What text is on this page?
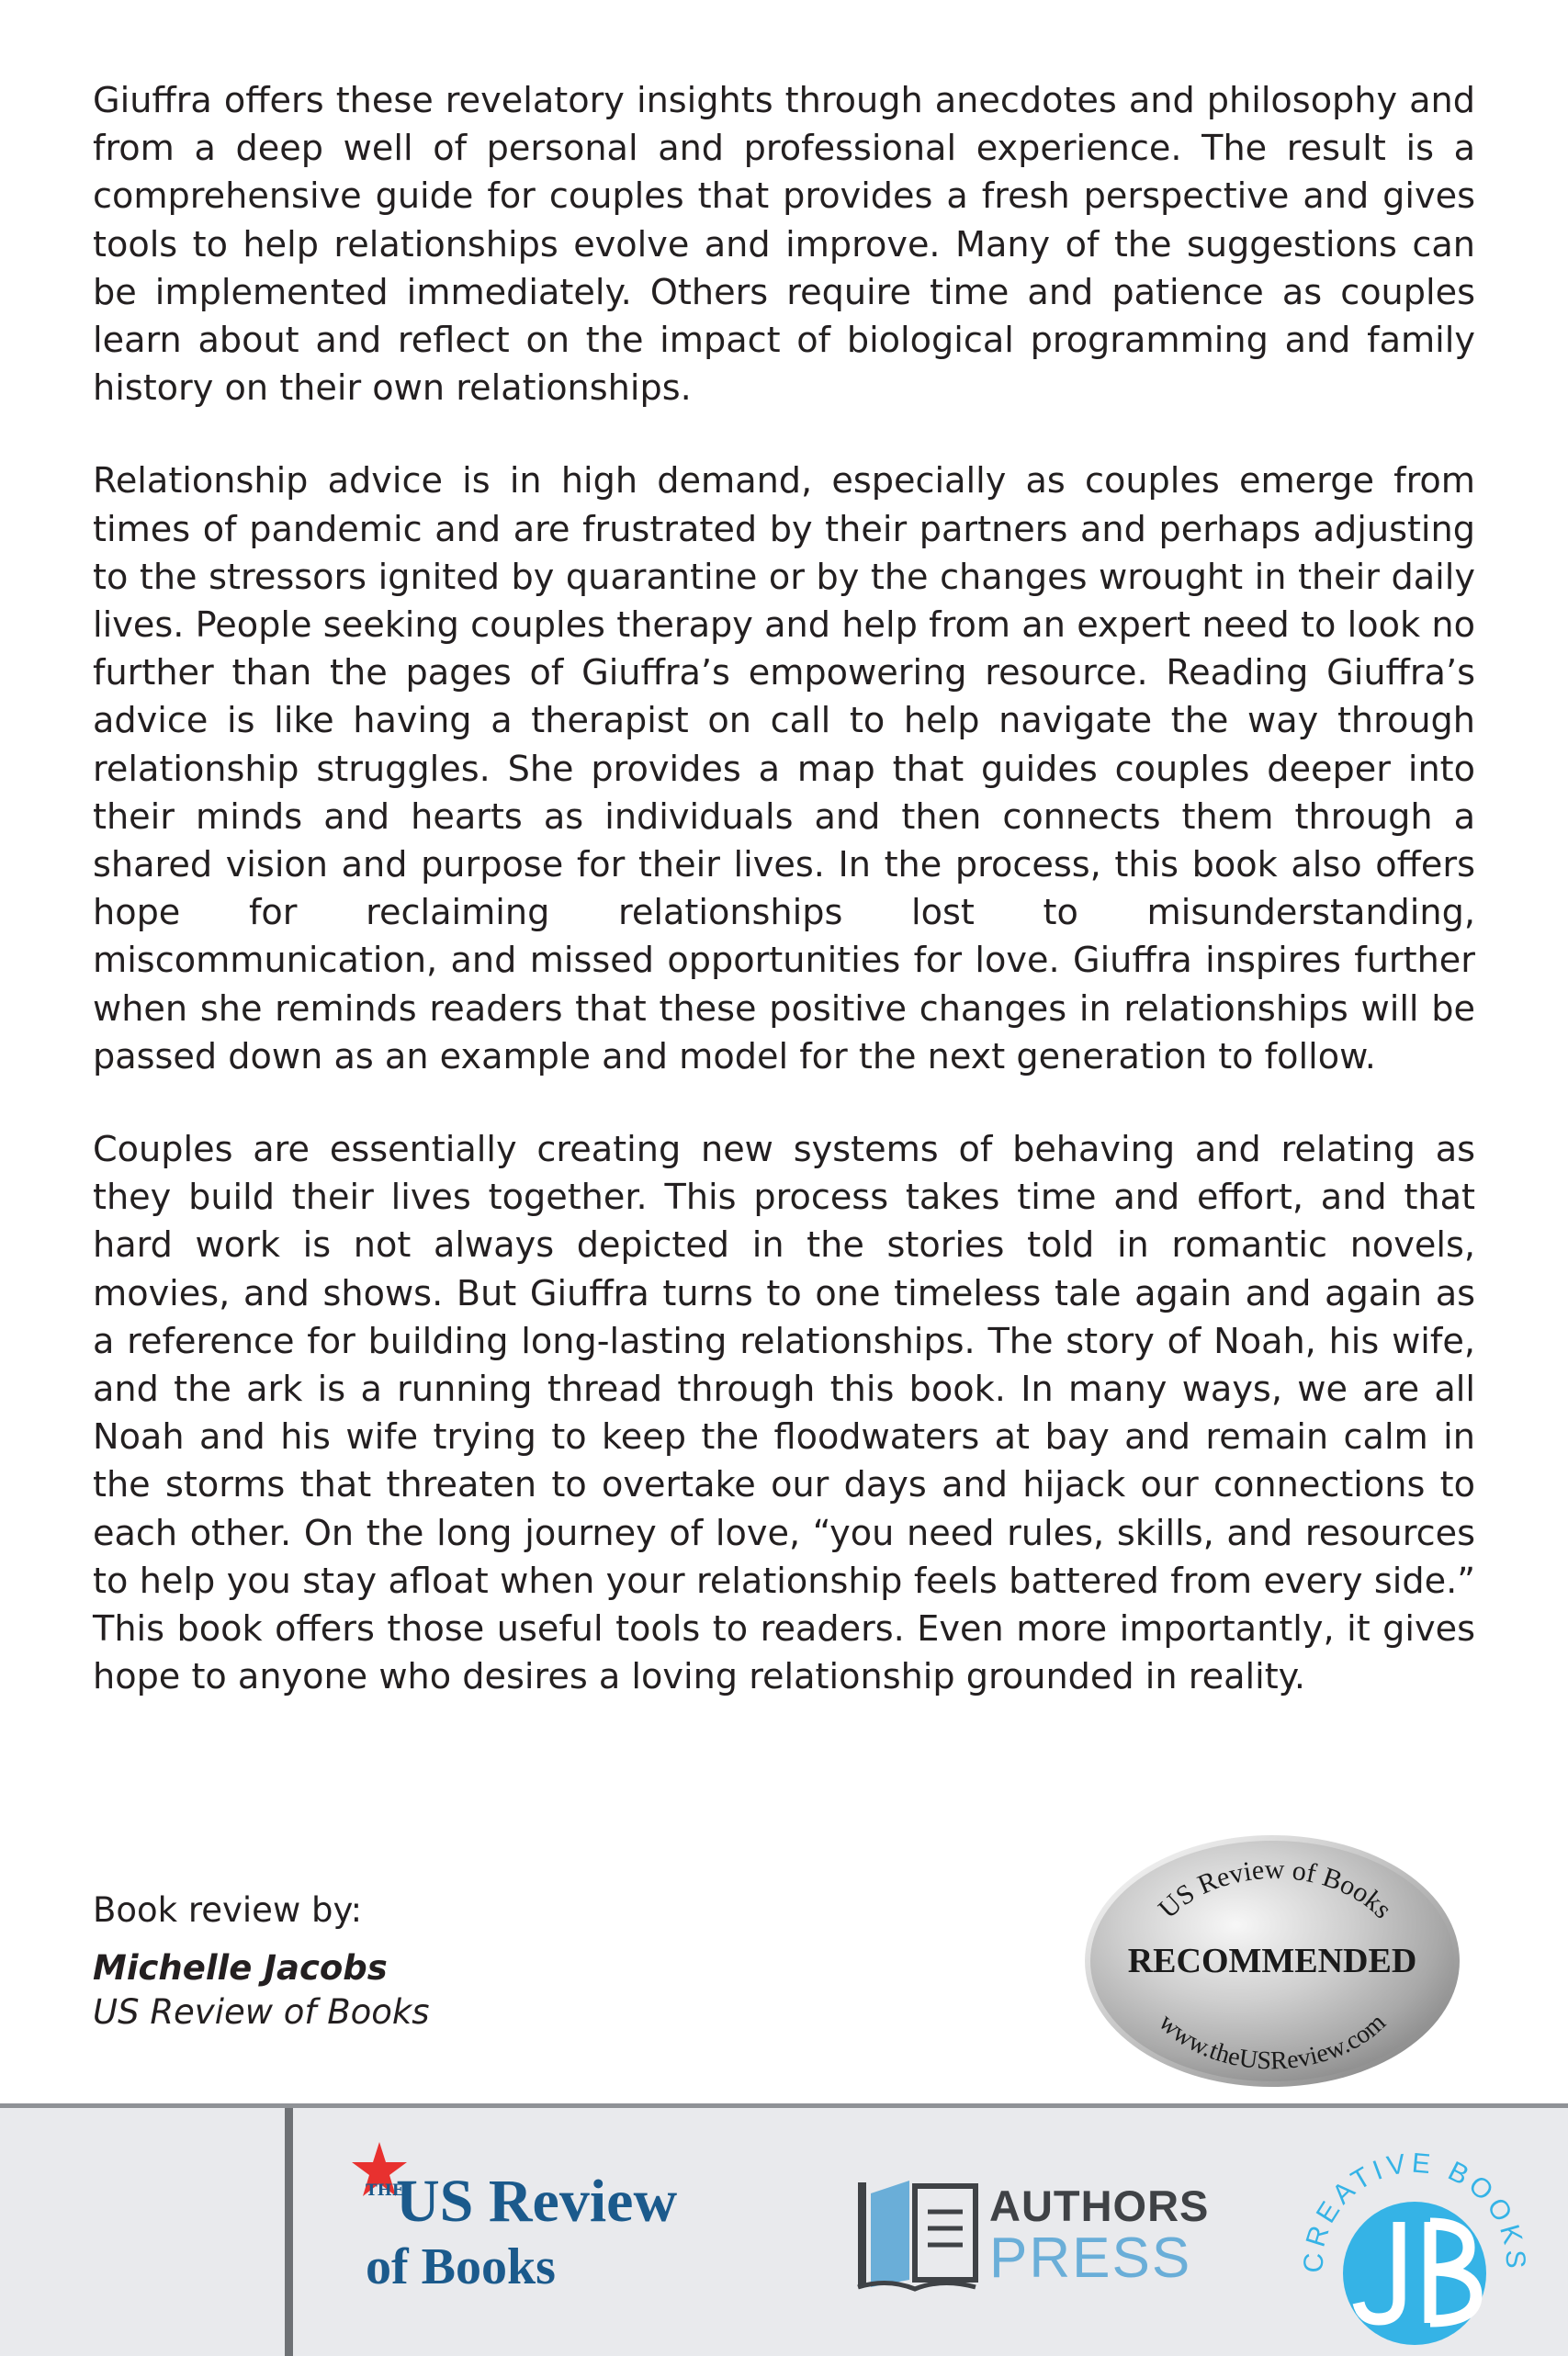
Giuffra offers these revelatory insights through anecdotes and philosophy and from a deep well of personal and professional experience. The result is a comprehensive guide for couples that provides a fresh perspective and gives tools to help relationships evolve and improve. Many of the suggestions can be implemented immediately. Others require time and patience as couples learn about and reflect on the impact of biological programming and family history on their own relationships.

Relationship advice is in high demand, especially as couples emerge from times of pandemic and are frustrated by their partners and perhaps adjusting to the stressors ignited by quarantine or by the changes wrought in their daily lives. People seeking couples therapy and help from an expert need to look no further than the pages of Giuffra’s empowering resource. Reading Giuffra’s advice is like having a therapist on call to help navigate the way through relationship struggles. She provides a map that guides couples deeper into their minds and hearts as individuals and then connects them through a shared vision and purpose for their lives. In the process, this book also offers hope for reclaiming relationships lost to misunderstanding, miscommunication, and missed opportunities for love. Giuffra inspires further when she reminds readers that these positive changes in relationships will be passed down as an example and model for the next generation to follow.

Couples are essentially creating new systems of behaving and relating as they build their lives together. This process takes time and effort, and that hard work is not always depicted in the stories told in romantic novels, movies, and shows. But Giuffra turns to one timeless tale again and again as a reference for building long-lasting relationships. The story of Noah, his wife, and the ark is a running thread through this book. In many ways, we are all Noah and his wife trying to keep the floodwaters at bay and remain calm in the storms that threaten to overtake our days and hijack our connections to each other. On the long journey of love, “you need rules, skills, and resources to help you stay afloat when your relationship feels battered from every side.” This book offers those useful tools to readers. Even more importantly, it gives hope to anyone who desires a loving relationship grounded in reality.

Book review by:
Michelle Jacobs
US Review of Books
US Review of Books
RECOMMENDED
www.theUSReview.com
THE
US Review
of Books
AUTHORS
PRESS	CREATIVE BOOKS
